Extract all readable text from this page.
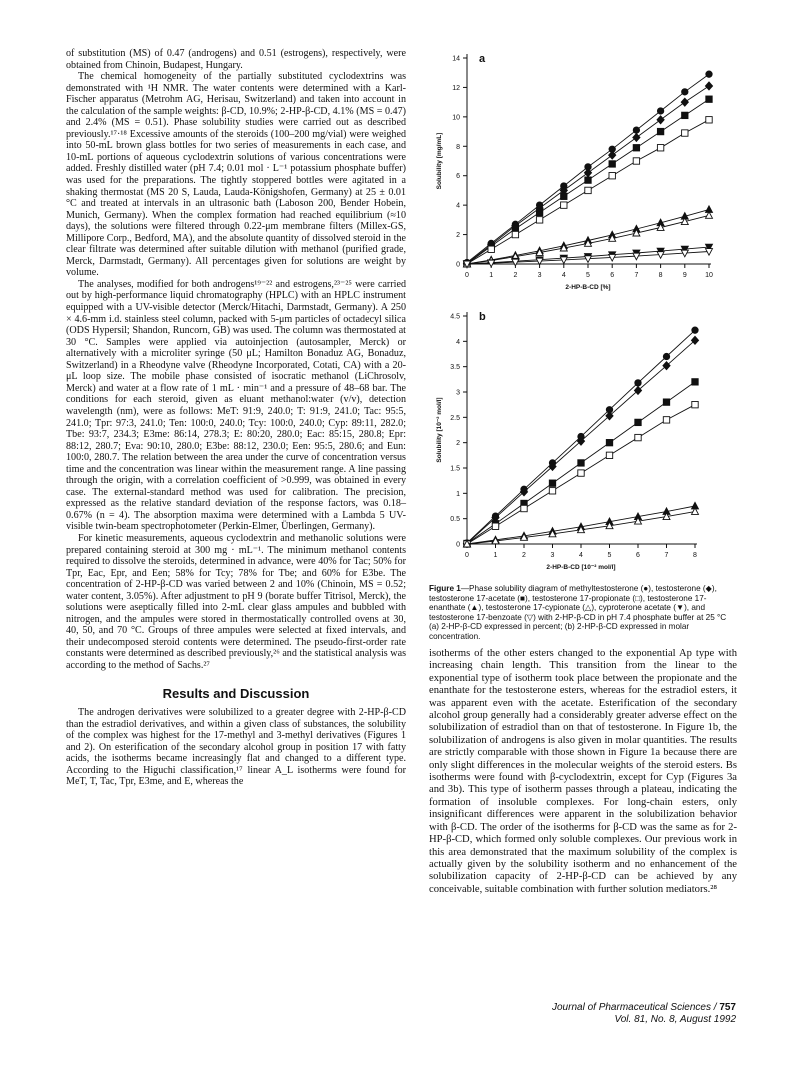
of substitution (MS) of 0.47 (androgens) and 0.51 (estrogens), respectively, were obtained from Chinoin, Budapest, Hungary.

The chemical homogeneity of the partially substituted cyclodextrins was demonstrated with ¹H NMR. The water contents were determined with a Karl-Fischer apparatus (Metrohm AG, Herisau, Switzerland) and taken into account in the calculation of the sample weights: β-CD, 10.9%; 2-HP-β-CD, 4.1% (MS = 0.47) and 2.4% (MS = 0.51). Phase solubility studies were carried out as described previously.¹⁷·¹⁸ Excessive amounts of the steroids (100–200 mg/vial) were weighed into 50-mL brown glass bottles for two series of measurements in each case, and 10-mL portions of aqueous cyclodextrin solutions of various concentrations were added. Freshly distilled water (pH 7.4; 0.01 mol · L⁻¹ potassium phosphate buffer) was used for the preparations. The tightly stoppered bottles were agitated in a shaking thermostat (MS 20 S, Lauda, Lauda-Königshofen, Germany) at 25 ± 0.01 °C and treated at intervals in an ultrasonic bath (Laboson 200, Bender Hobein, Munich, Germany). When the complex formation had reached equilibrium (≈10 days), the solutions were filtered through 0.22-μm membrane filters (Millex-GS, Millipore Corp., Bedford, MA), and the absolute quantity of dissolved steroid in the clear filtrate was determined after suitable dilution with methanol (purified grade, Merck, Darmstadt, Germany). All percentages given for solutions are weight by volume.

The analyses, modified for both androgens¹⁹⁻²² and estrogens,²³⁻²⁵ were carried out by high-performance liquid chromatography (HPLC) with an HPLC instrument equipped with a UV-visible detector (Merck/Hitachi, Darmstadt, Germany). A 250 × 4.6-mm i.d. stainless steel column, packed with 5-μm particles of octadecyl silica (ODS Hypersil; Shandon, Runcorn, GB) was used. The column was thermostated at 30 °C. Samples were applied via autoinjection (autosampler, Merck) or alternatively with a microliter syringe (50 μL; Hamilton Bonaduz AG, Bonaduz, Switzerland) in a Rheodyne valve (Rheodyne Incorporated, Cotati, CA) with a 20-μL loop size. The mobile phase consisted of isocratic methanol (LiChrosolv, Merck) and water at a flow rate of 1 mL · min⁻¹ and a pressure of 48–68 bar. The conditions for each steroid, given as eluant methanol:water (v/v), detection wavelength (nm), were as follows: MeT: 91:9, 240.0; T: 91:9, 241.0; Tac: 95:5, 241.0; Tpr: 97:3, 241.0; Ten: 100:0, 240.0; Tcy: 100:0, 240.0; Cyp: 89:11, 282.0; Tbe: 93:7, 234.3; E3me: 86:14, 278.3; E: 80:20, 280.0; Eac: 85:15, 280.8; Epr: 88:12, 280.7; Eva: 90:10, 280.0; E3be: 88:12, 230.0; Een: 95:5, 280.6; and Eun: 100:0, 280.7. The relation between the area under the curve of concentration versus time and the concentration was linear within the measurement range. A line passing through the origin, with a correlation coefficient of >0.999, was obtained in every case. The external-standard method was used for calibration. The precision, expressed as the relative standard deviation of the response factors, was 0.18–0.67% (n = 4). The absorption maxima were determined with a Lambda 5 UV-visible twin-beam spectrophotometer (Perkin-Elmer, Überlingen, Germany).

For kinetic measurements, aqueous cyclodextrin and methanolic solutions were prepared containing steroid at 300 mg · mL⁻¹. The minimum methanol contents required to dissolve the steroids, determined in advance, were 40% for Tac; 50% for Tpr, Eac, Epr, and Een; 58% for Tcy; 78% for Tbe; and 60% for E3be. The concentration of 2-HP-β-CD was varied between 2 and 10% (Chinoin, MS = 0.52; water content, 3.05%). After adjustment to pH 9 (borate buffer Titrisol, Merck), the solutions were aseptically filled into 2-mL clear glass ampules and bubbled with nitrogen, and the ampules were stored in thermostatically controlled ovens at 30, 40, 50, and 70 °C. Groups of three ampules were selected at fixed intervals, and their undecomposed steroid contents were determined. The pseudo-first-order rate constants were determined as described previously,²⁶ and the statistical analysis was according to the method of Sachs.²⁷

Results and Discussion

The androgen derivatives were solubilized to a greater degree with 2-HP-β-CD than the estradiol derivatives, and within a given class of substances, the solubility of the complex was highest for the 17-methyl and 3-methyl derivatives (Figures 1 and 2). On esterification of the secondary alcohol group in position 17 with fatty acids, the isotherms became increasingly flat and changed to a different type. According to the Higuchi classification,¹⁷ linear A_L isotherms were found for MeT, T, Tac, Tpr, E3me, and E, whereas the

0
2
4
6
8
10
12
14
0	1	2	3	4	5	6	7	8	9	10
2-HP-B-CD [%]
Solubility [mg/mL]
a
0
0.5
1
1.5
2
2.5
3
3.5
4
4.5
0	1	2	3	4	5	6	7	8
2-HP-B-CD [10⁻² mol/l]
Solubility [10⁻² mol/l]
b
Figure 1—Phase solubility diagram of methyltestosterone (●), testosterone (◆), testosterone 17-acetate (■), testosterone 17-propionate (□), testosterone 17-enanthate (▲), testosterone 17-cypionate (△), cyproterone acetate (▼), and testosterone 17-benzoate (▽) with 2-HP-β-CD in pH 7.4 phosphate buffer at 25 °C (a) 2-HP-β-CD expressed in percent; (b) 2-HP-β-CD expressed in molar concentration.

isotherms of the other esters changed to the exponential Ap type with increasing chain length. This transition from the linear to the exponential type of isotherm took place between the propionate and the enanthate for the testosterone esters, whereas for the estradiol esters, it was apparent even with the acetate. Esterification of the secondary alcohol group generally had a considerably greater adverse effect on the solubilization of estradiol than on that of testosterone. In Figure 1b, the solubilization of androgens is also given in molar quantities. The results are strictly comparable with those shown in Figure 1a because there are only slight differences in the molecular weights of the steroid esters. Bs isotherms were found with β-cyclodextrin, except for Cyp (Figures 3a and 3b). This type of isotherm passes through a plateau, indicating the formation of insoluble complexes. For long-chain esters, only insignificant differences were apparent in the solubilization behavior with β-CD. The order of the isotherms for β-CD was the same as for 2-HP-β-CD, which formed only soluble complexes. Our previous work in this area demonstrated that the maximum solubility of the complex is actually given by the solubility isotherm and no enhancement of the solubilization capacity of 2-HP-β-CD can be achieved by any conceivable, suitable combination with further solution mediators.²⁸

Journal of Pharmaceutical Sciences / 757
Vol. 81, No. 8, August 1992
